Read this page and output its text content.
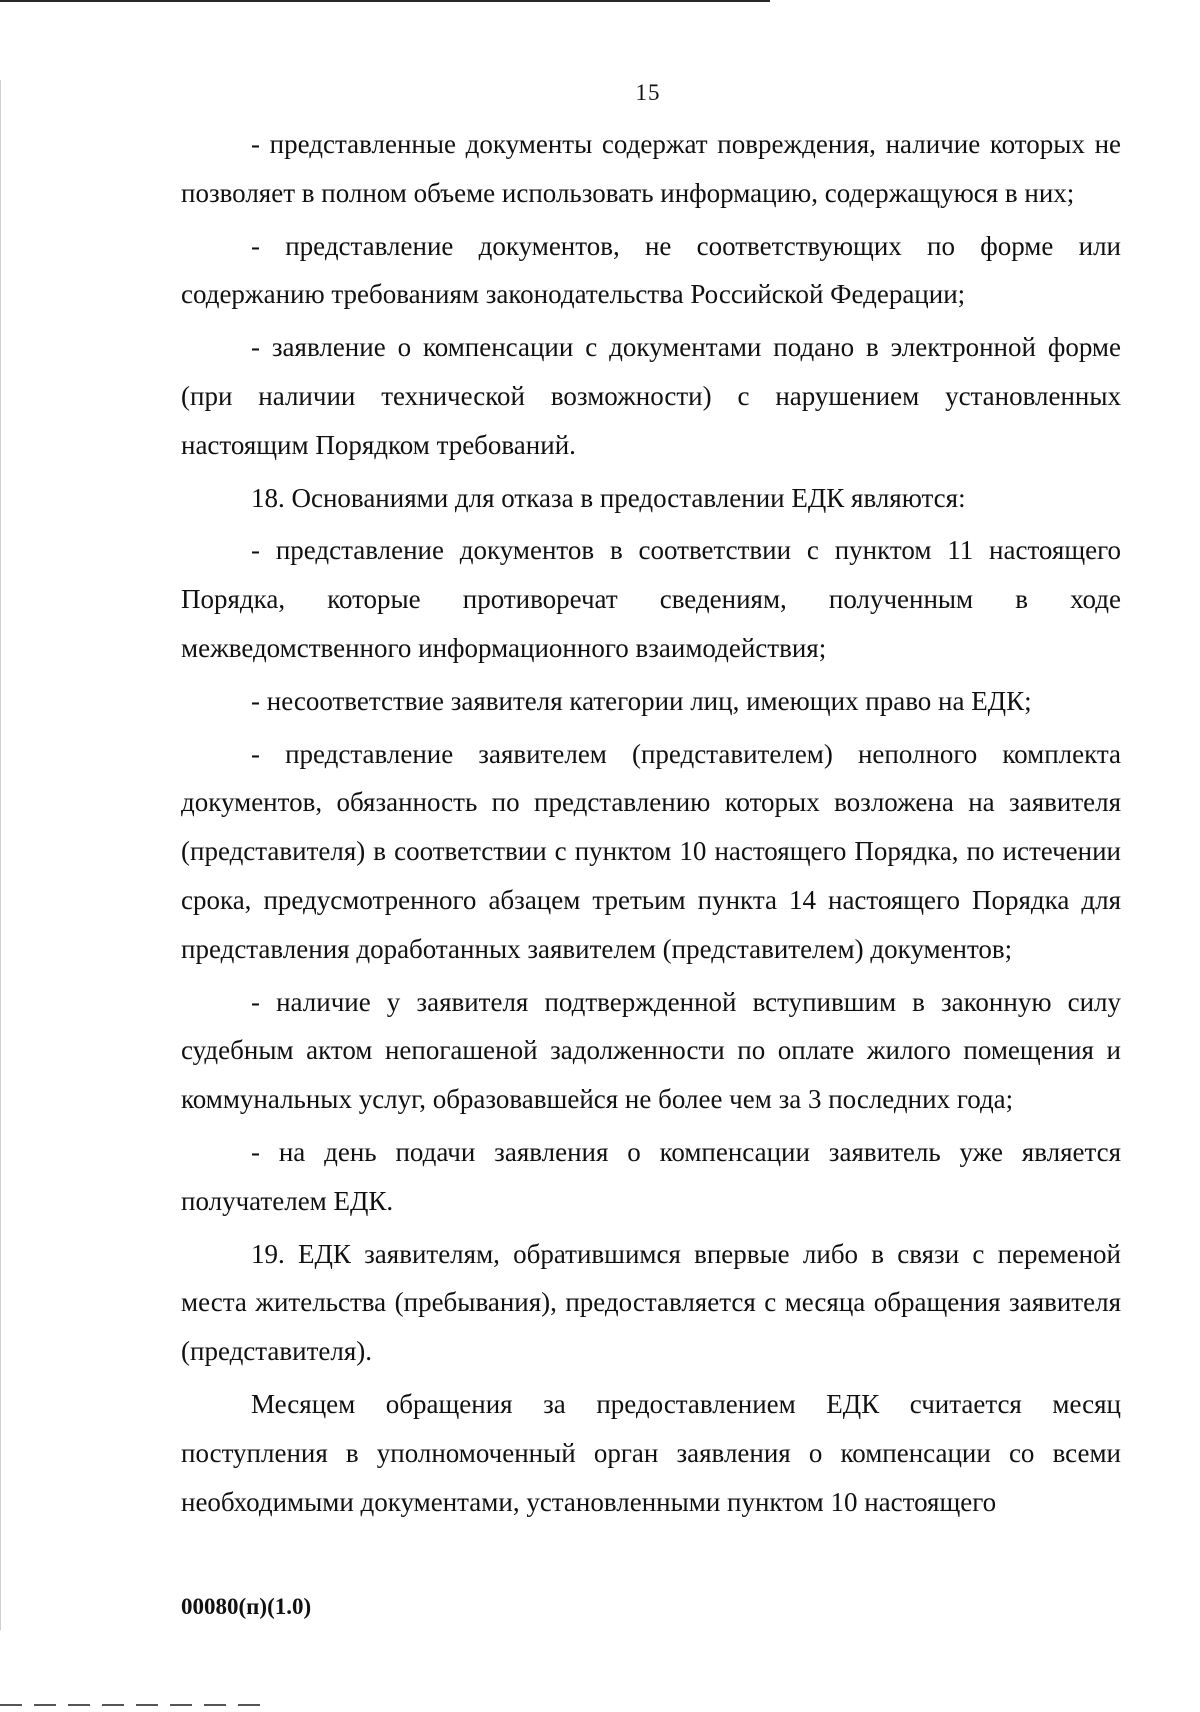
15

- представленные документы содержат повреждения, наличие которых не позволяет в полном объеме использовать информацию, содержащуюся в них;

- представление документов, не соответствующих по форме или содержанию требованиям законодательства Российской Федерации;

- заявление о компенсации с документами подано в электронной форме (при наличии технической возможности) с нарушением установленных настоящим Порядком требований.

18. Основаниями для отказа в предоставлении ЕДК являются:

- представление документов в соответствии с пунктом 11 настоящего Порядка, которые противоречат сведениям, полученным в ходе межведомственного информационного взаимодействия;

- несоответствие заявителя категории лиц, имеющих право на ЕДК;

- представление заявителем (представителем) неполного комплекта документов, обязанность по представлению которых возложена на заявителя (представителя) в соответствии с пунктом 10 настоящего Порядка, по истечении срока, предусмотренного абзацем третьим пункта 14 настоящего Порядка для представления доработанных заявителем (представителем) документов;

- наличие у заявителя подтвержденной вступившим в законную силу судебным актом непогашеной задолженности по оплате жилого помещения и коммунальных услуг, образовавшейся не более чем за 3 последних года;

- на день подачи заявления о компенсации заявитель уже является получателем ЕДК.

19. ЕДК заявителям, обратившимся впервые либо в связи с переменой места жительства (пребывания), предоставляется с месяца обращения заявителя (представителя).

Месяцем обращения за предоставлением ЕДК считается месяц поступления в уполномоченный орган заявления о компенсации со всеми необходимыми документами, установленными пунктом 10 настоящего

00080(п)(1.0)
